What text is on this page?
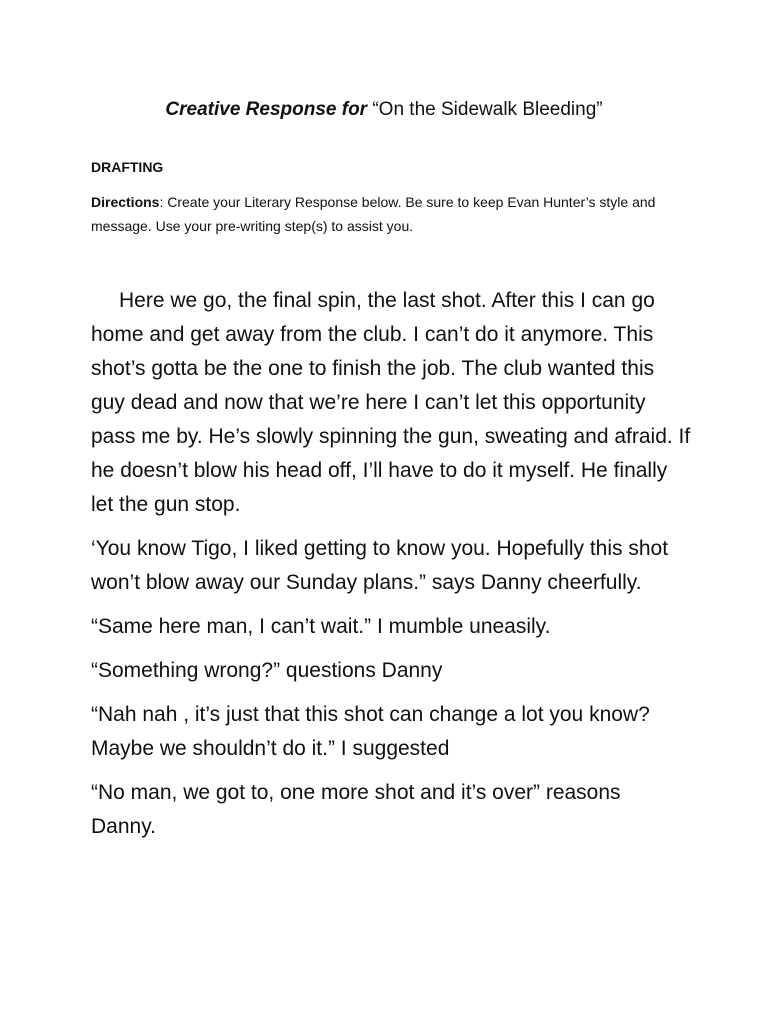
Creative Response for “On the Sidewalk Bleeding”
DRAFTING
Directions: Create your Literary Response below. Be sure to keep Evan Hunter’s style and message. Use your pre-writing step(s) to assist you.

Here we go, the final spin, the last shot. After this I can go home and get away from the club. I can’t do it anymore. This shot’s gotta be the one to finish the job. The club wanted this guy dead and now that we’re here I can’t let this opportunity pass me by. He’s slowly spinning the gun, sweating and afraid. If he doesn’t blow his head off, I’ll have to do it myself. He finally let the gun stop.

‘You know Tigo, I liked getting to know you. Hopefully this shot won’t blow away our Sunday plans.” says Danny cheerfully.

“Same here man, I can’t wait.” I mumble uneasily.

“Something wrong?” questions Danny

“Nah nah , it’s just that this shot can change a lot you know? Maybe we shouldn’t do it.” I suggested

“No man, we got to, one more shot and it’s over” reasons Danny.
